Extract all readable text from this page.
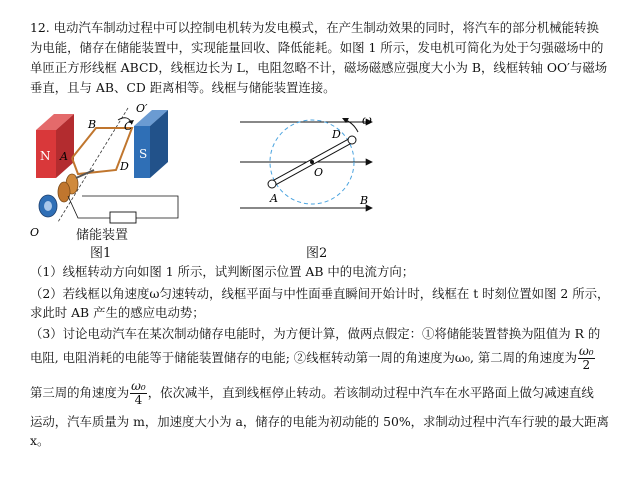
12. 电动汽车制动过程中可以控制电机转为发电模式，在产生制动效果的同时，将汽车的部分机械能转换
为电能，储存在储能装置中，实现能量回收、降低能耗。如图 1 所示，发电机可简化为处于匀强磁场中的
单匝正方形线框 ABCD，线框边长为 L，电阻忽略不计，磁场磁感应强度大小为 B，线框转轴 OO′与磁场
垂直，且与 AB、CD 距离相等。线框与储能装置连接。
N	S
A
B	C
D
O′
O	储能装置
图1
A
D
O
ω
B
图2
（1）线框转动方向如图 1 所示，试判断图示位置 AB 中的电流方向；
（2）若线框以角速度ω匀速转动，线框平面与中性面垂直瞬间开始计时，线框在 t 时刻位置如图 2 所示，
求此时 AB 产生的感应电动势；
（3）讨论电动汽车在某次制动储存电能时，为方便计算，做两点假定：①将储能装置替换为阻值为 R 的
电阻, 电阻消耗的电能等于储能装置储存的电能; ②线框转动第一周的角速度为ω₀, 第二周的角速度为 $\frac{\text{ω₀}}{2}$
第三周的角速度为 $\frac{\text{ω₀}}{4}$ ，依次减半，直到线框停止转动。若该制动过程中汽车在水平路面上做匀减速直线
运动，汽车质量为 m，加速度大小为 a，储存的电能为初动能的 50%，求制动过程中汽车行驶的最大距离
x。
